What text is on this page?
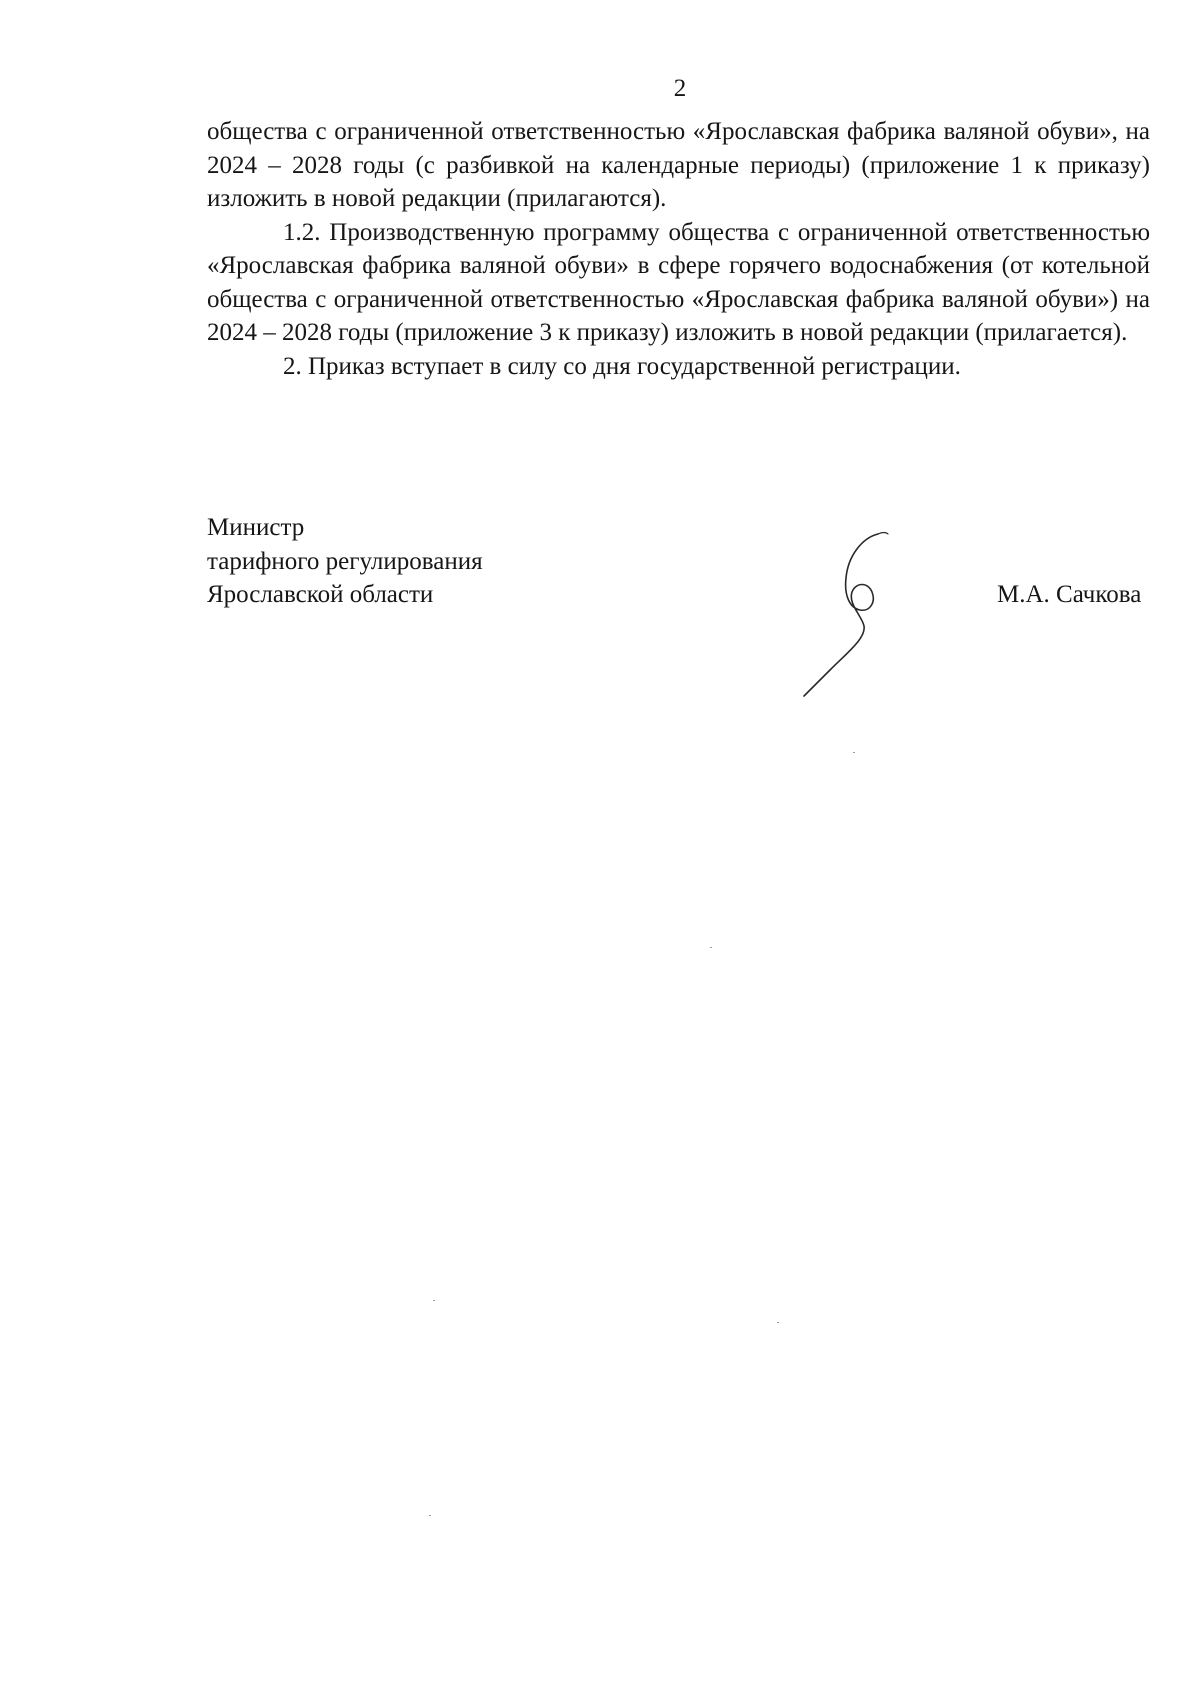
2

общества с ограниченной ответственностью «Ярославская фабрика валяной обуви», на 2024 – 2028 годы (с разбивкой на календарные периоды) (приложение 1 к приказу) изложить в новой редакции (прилагаются).

1.2. Производственную программу общества с ограниченной ответственностью «Ярославская фабрика валяной обуви» в сфере горячего водоснабжения (от котельной общества с ограниченной ответственностью «Ярославская фабрика валяной обуви») на 2024 – 2028 годы (приложение 3 к приказу) изложить в новой редакции (прилагается).

2. Приказ вступает в силу со дня государственной регистрации.

Министр
тарифного регулирования
Ярославской области	М.А. Сачкова
